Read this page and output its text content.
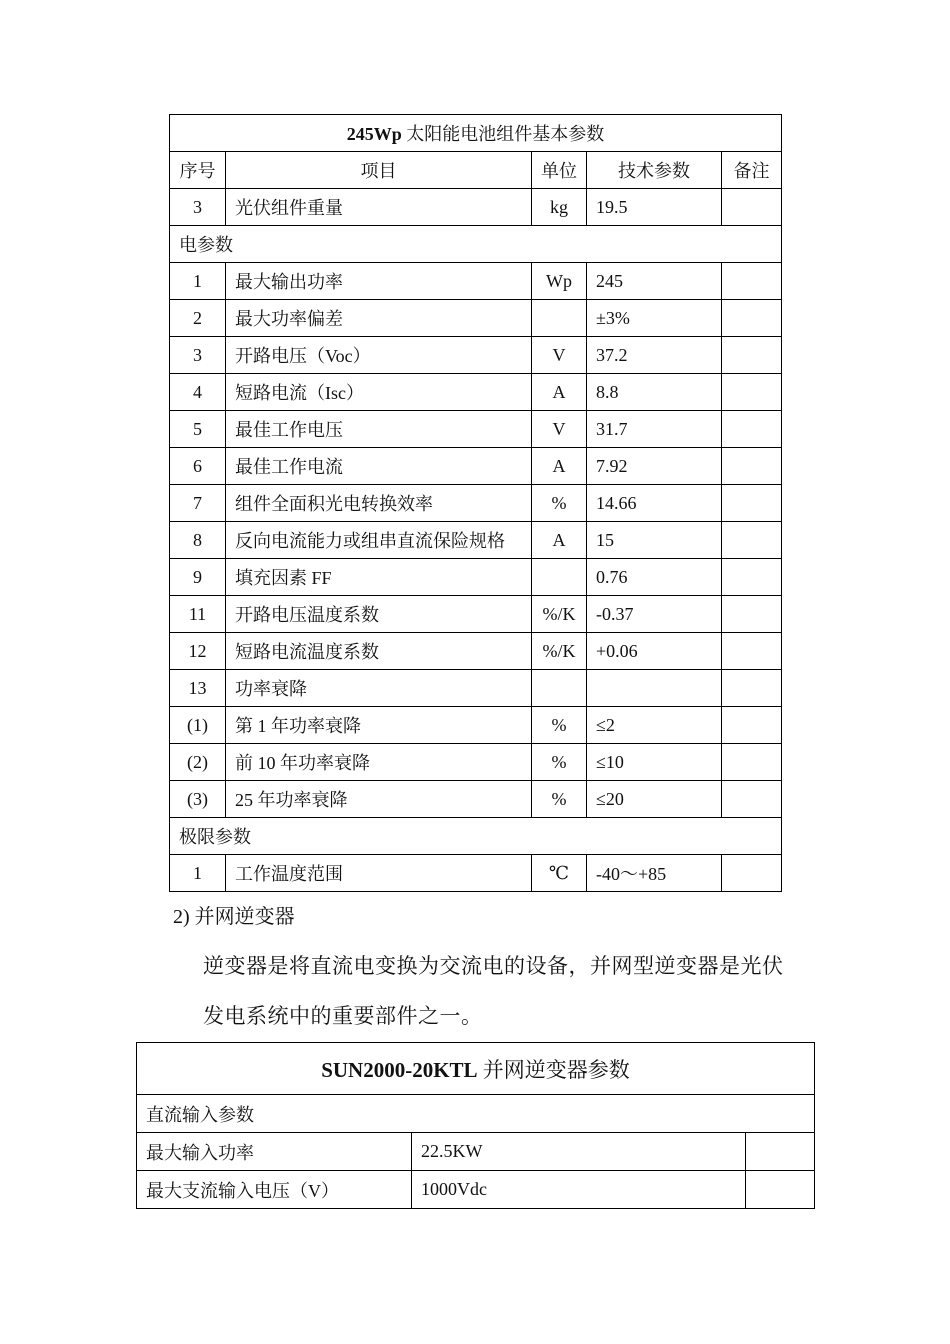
245Wp 太阳能电池组件基本参数				
序号	项目	单位	技术参数	备注
3	光伏组件重量	kg	19.5	
电参数				
1	最大输出功率	Wp	245	
2	最大功率偏差		±3%	
3	开路电压（Voc）	V	37.2	
4	短路电流（Isc）	A	8.8	
5	最佳工作电压	V	31.7	
6	最佳工作电流	A	7.92	
7	组件全面积光电转换效率	%	14.66	
8	反向电流能力或组串直流保险规格	A	15	
9	填充因素 FF		0.76	
11	开路电压温度系数	%/K	-0.37	
12	短路电流温度系数	%/K	+0.06	
13	功率衰降			
(1)	第 1 年功率衰降	%	≤2	
(2)	前 10 年功率衰降	%	≤10	
(3)	25 年功率衰降	%	≤20	
极限参数				
1	工作温度范围	℃	-40～+85	
2) 并网逆变器
逆变器是将直流电变换为交流电的设备，并网型逆变器是光伏
发电系统中的重要部件之一。
SUN2000-20KTL 并网逆变器参数		
直流输入参数		
最大输入功率	22.5KW	
最大支流输入电压（V）	1000Vdc	
